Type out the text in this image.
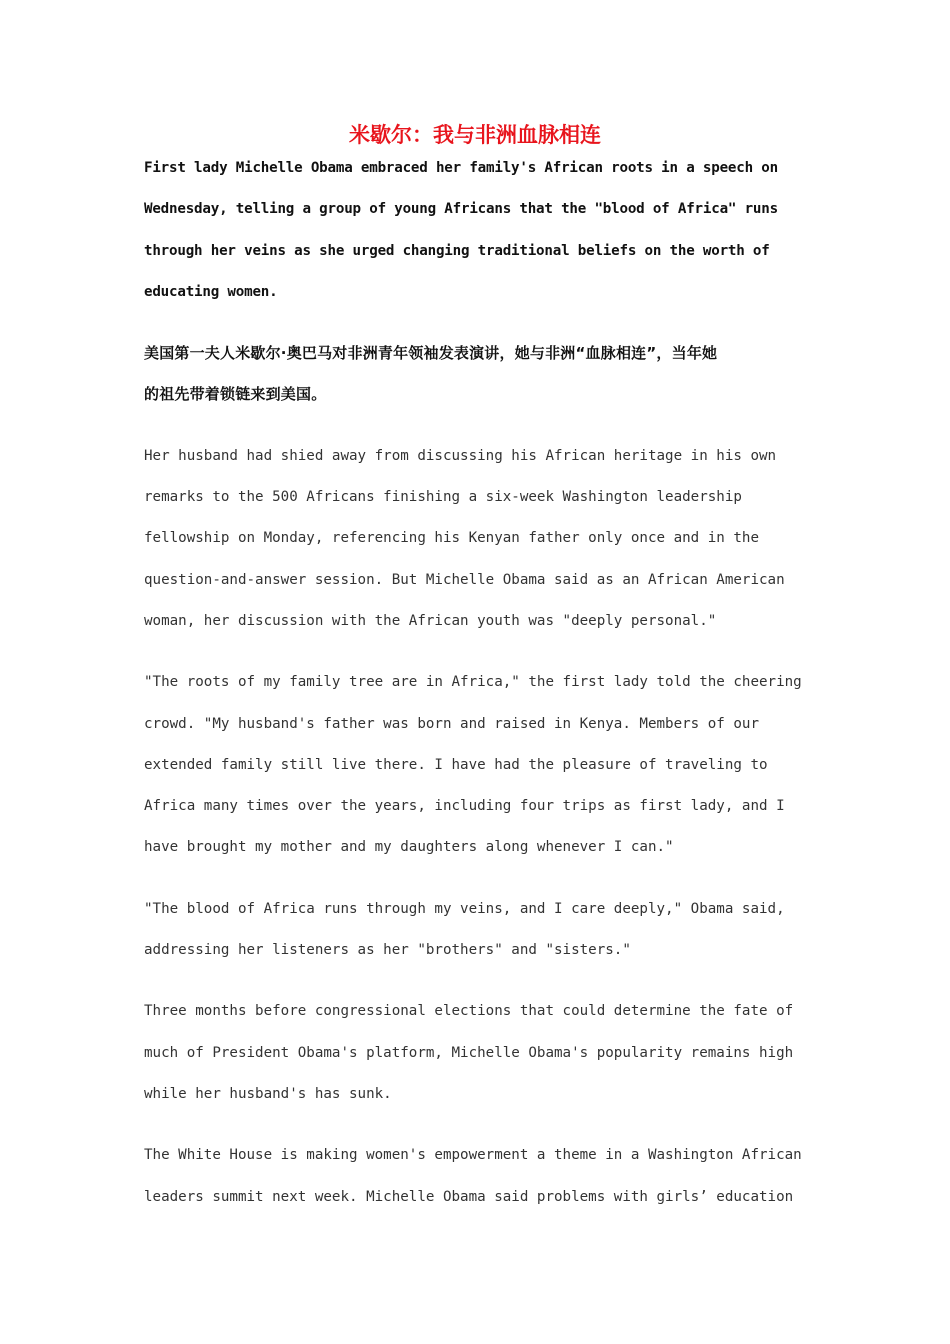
米歇尔：我与非洲血脉相连

First lady Michelle Obama embraced her family's African roots in a speech on
Wednesday, telling a group of young Africans that the "blood of Africa" runs
through her veins as she urged changing traditional beliefs on the worth of
educating women.

美国第一夫人米歇尔·奥巴马对非洲青年领袖发表演讲，她与非洲“血脉相连”，当年她
的祖先带着锁链来到美国。

Her husband had shied away from discussing his African heritage in his own
remarks to the 500 Africans finishing a six-week Washington leadership
fellowship on Monday, referencing his Kenyan father only once and in the
question-and-answer session. But Michelle Obama said as an African American
woman, her discussion with the African youth was "deeply personal."

"The roots of my family tree are in Africa," the first lady told the cheering
crowd. "My husband's father was born and raised in Kenya. Members of our
extended family still live there. I have had the pleasure of traveling to
Africa many times over the years, including four trips as first lady, and I
have brought my mother and my daughters along whenever I can."

"The blood of Africa runs through my veins, and I care deeply," Obama said,
addressing her listeners as her "brothers" and "sisters."

Three months before congressional elections that could determine the fate of
much of President Obama's platform, Michelle Obama's popularity remains high
while her husband's has sunk.

The White House is making women's empowerment a theme in a Washington African
leaders summit next week. Michelle Obama said problems with girls’ education
